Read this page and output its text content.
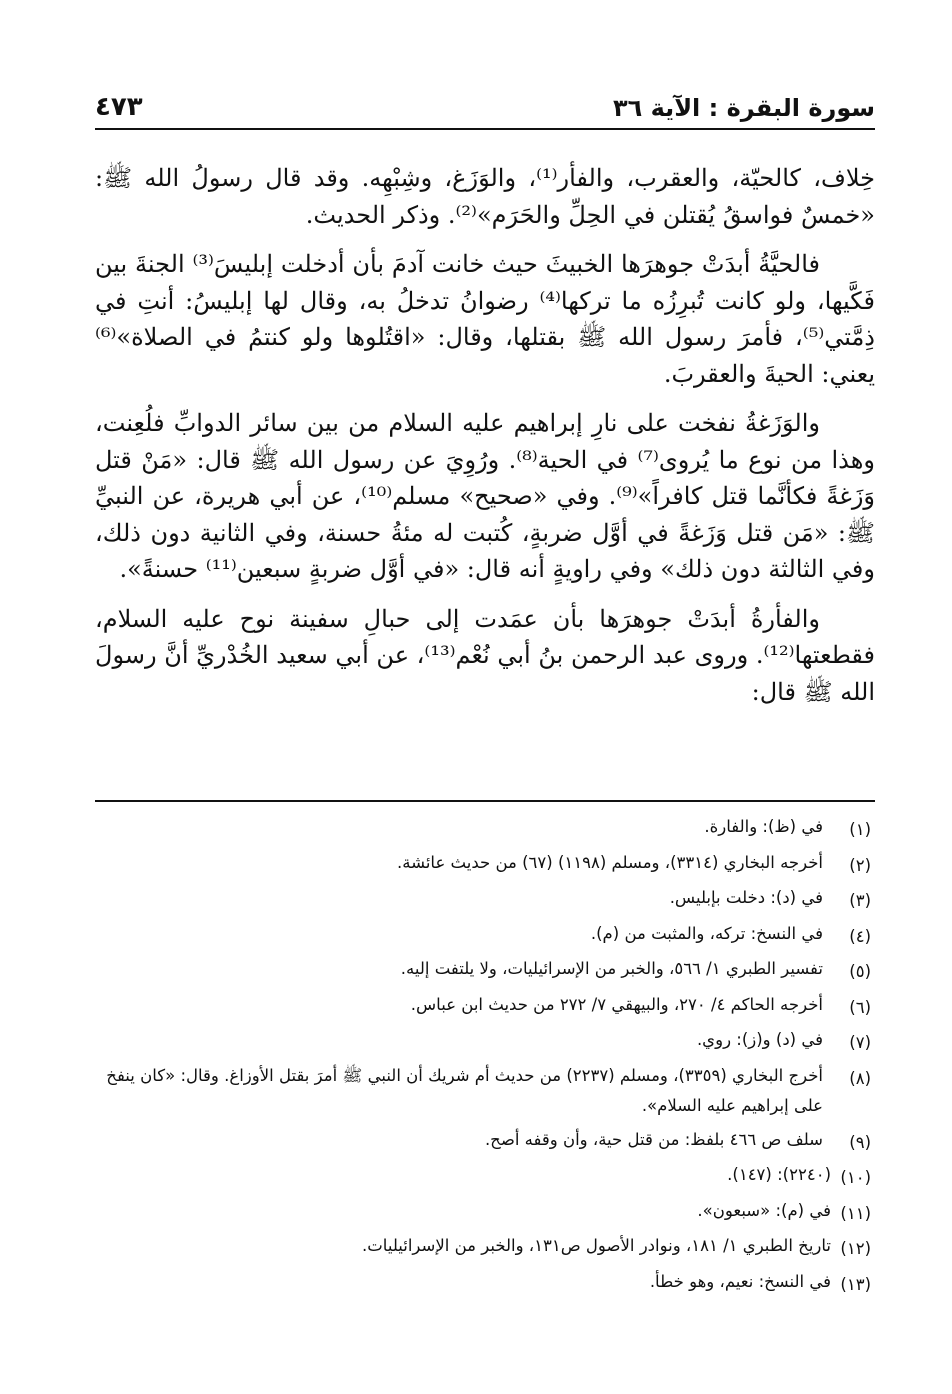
سورة البقرة : الآية ٣٦
٤٧٣

خِلاف، كالحيّة، والعقرب، والفأر⁽¹⁾، والوَزَغ، وشِبْهِه. وقد قال رسولُ الله ﷺ: «خمسٌ فواسقُ يُقتلن في الحِلِّ والحَرَم»⁽²⁾. وذكر الحديث.

فالحيَّةُ أبدَتْ جوهرَها الخبيثَ حيث خانت آدمَ بأن أدخلت إبليسَ⁽³⁾ الجنةَ بين فَكَّيها، ولو كانت تُبرِزُه ما تركها⁽⁴⁾ رضوانُ تدخلُ به، وقال لها إبليسُ: أنتِ في ذِمَّتي⁽⁵⁾، فأمرَ رسول الله ﷺ بقتلها، وقال: «اقتُلوها ولو كنتمُ في الصلاة»⁽⁶⁾ يعني: الحيةَ والعقربَ.

والوَزَغةُ نفخت على نارِ إبراهيم عليه السلام من بين سائر الدوابِّ فلُعِنت، وهذا من نوع ما يُروى⁽⁷⁾ في الحية⁽⁸⁾. ورُوِيَ عن رسول الله ﷺ قال: «مَنْ قتل وَزَغةً فكأنَّما قتل كافراً»⁽⁹⁾. وفي «صحيح» مسلم⁽¹⁰⁾، عن أبي هريرة، عن النبيِّ ﷺ: «مَن قتل وَزَغةً في أوَّل ضربةٍ، كُتبت له مئةُ حسنة، وفي الثانية دون ذلك، وفي الثالثة دون ذلك» وفي راويةٍ أنه قال: «في أوَّل ضربةٍ سبعين⁽¹¹⁾ حسنةً».

والفأرةُ أبدَتْ جوهرَها بأن عمَدت إلى حبالِ سفينة نوح عليه السلام، فقطعتها⁽¹²⁾. وروى عبد الرحمن بنُ أبي نُعْم⁽¹³⁾، عن أبي سعيد الخُدْريِّ أنَّ رسولَ الله ﷺ قال:

(١)
في (ظ): والفارة.
(٢)
أخرجه البخاري (٣٣١٤)، ومسلم (١١٩٨) (٦٧) من حديث عائشة.
(٣)
في (د): دخلت بإبليس.
(٤)
في النسخ: تركه، والمثبت من (م).
(٥)
تفسير الطبري ١/ ٥٦٦، والخبر من الإسرائيليات، ولا يلتفت إليه.
(٦)
أخرجه الحاكم ٤/ ٢٧٠، والبيهقي ٧/ ٢٧٢ من حديث ابن عباس.
(٧)
في (د) و(ز): روي.
(٨)
أخرج البخاري (٣٣٥٩)، ومسلم (٢٢٣٧) من حديث أم شريك أن النبي ﷺ أمرَ بقتل الأوزاغ. وقال: «كان ينفخ على إبراهيم عليه السلام».
(٩)
سلف ص ٤٦٦ بلفظ: من قتل حية، وأن وقفه أصح.
(١٠)
(٢٢٤٠): (١٤٧).
(١١)
في (م): «سبعون».
(١٢)
تاريخ الطبري ١/ ١٨١، ونوادر الأصول ص١٣١، والخبر من الإسرائيليات.
(١٣)
في النسخ: نعيم، وهو خطأ.
